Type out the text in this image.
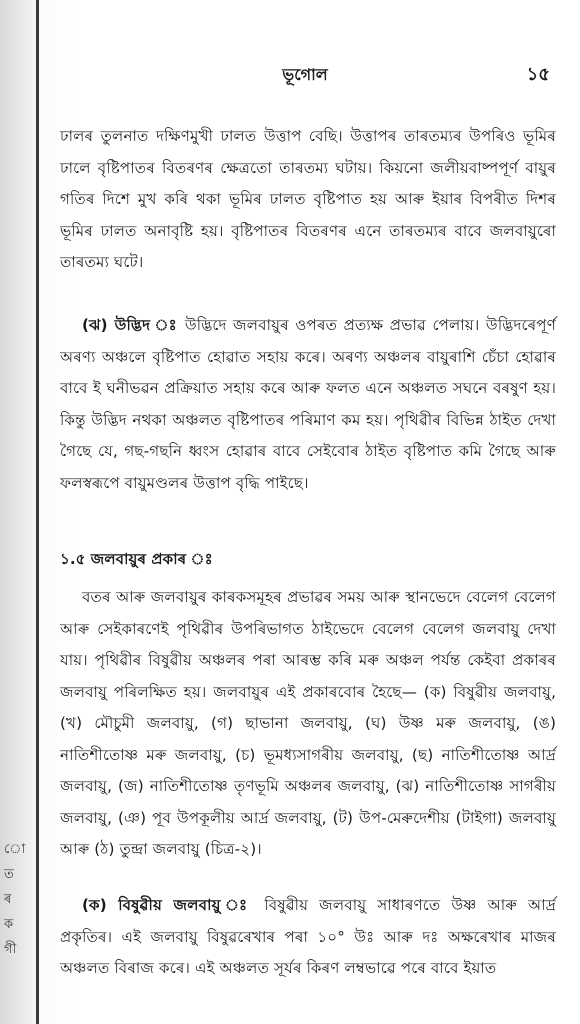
ো
ত
ৰ
ক
গী
ভূগোল	১৫
ঢালৰ তুলনাত দক্ষিণমুখী ঢালত উত্তাপ বেছি। উত্তাপৰ তাৰতম্যৰ উপৰিও ভূমিৰ ঢালে বৃষ্টিপাতৰ বিতৰণৰ ক্ষেত্ৰতো তাৰতম্য ঘটায়। কিয়নো জলীয়বাষ্পপূৰ্ণ বায়ুৰ গতিৰ দিশে মুখ কৰি থকা ভূমিৰ ঢালত বৃষ্টিপাত হয় আৰু ইয়াৰ বিপৰীত দিশৰ ভূমিৰ ঢালত অনাবৃষ্টি হয়। বৃষ্টিপাতৰ বিতৰণৰ এনে তাৰতম্যৰ বাবে জলবায়ুৰো তাৰতম্য ঘটে।
(ঝ) উদ্ভিদ ঃ উদ্ভিদে জলবায়ুৰ ওপৰত প্ৰত্যক্ষ প্ৰভাৱ পেলায়। উদ্ভিদৰেপূৰ্ণ অৰণ্য অঞ্চলে বৃষ্টিপাত হোৱাত সহায় কৰে। অৰণ্য অঞ্চলৰ বায়ুৰাশি চেঁচা হোৱাৰ বাবে ই ঘনীভৱন প্ৰক্ৰিয়াত সহায় কৰে আৰু ফলত এনে অঞ্চলত সঘনে বৰষুণ হয়। কিন্তু উদ্ভিদ নথকা অঞ্চলত বৃষ্টিপাতৰ পৰিমাণ কম হয়। পৃথিৱীৰ বিভিন্ন ঠাইত দেখা গৈছে যে, গছ-গছনি ধ্বংস হোৱাৰ বাবে সেইবোৰ ঠাইত বৃষ্টিপাত কমি গৈছে আৰু ফলস্বৰূপে বায়ুমণ্ডলৰ উত্তাপ বৃদ্ধি পাইছে।
১.৫ জলবায়ুৰ প্ৰকাৰ ঃ
বতৰ আৰু জলবায়ুৰ কাৰকসমূহৰ প্ৰভাৱৰ সময় আৰু স্থানভেদে বেলেগ বেলেগ আৰু সেইকাৰণেই পৃথিৱীৰ উপৰিভাগত ঠাইভেদে বেলেগ বেলেগ জলবায়ু দেখা যায়। পৃথিৱীৰ বিষুৱীয় অঞ্চলৰ পৰা আৰম্ভ কৰি মৰু অঞ্চল পৰ্যন্ত কেইবা প্ৰকাৰৰ জলবায়ু পৰিলক্ষিত হয়। জলবায়ুৰ এই প্ৰকাৰবোৰ হৈছে— (ক) বিষুৱীয় জলবায়ু, (খ) মৌচুমী জলবায়ু, (গ) ছাভানা জলবায়ু, (ঘ) উষ্ণ মৰু জলবায়ু, (ঙ) নাতিশীতোষ্ণ মৰু জলবায়ু, (চ) ভূমধ্যসাগৰীয় জলবায়ু, (ছ) নাতিশীতোষ্ণ আৰ্দ্ৰ জলবায়ু, (জ) নাতিশীতোষ্ণ তৃণভূমি অঞ্চলৰ জলবায়ু, (ঝ) নাতিশীতোষ্ণ সাগৰীয় জলবায়ু, (ঞ) পূব উপকূলীয় আৰ্দ্ৰ জলবায়ু, (ট) উপ-মেৰুদেশীয় (টাইগা) জলবায়ু আৰু (ঠ) তুন্দ্ৰা জলবায়ু (চিত্ৰ-২)।
(ক) বিষুৱীয় জলবায়ু ঃ বিষুৱীয় জলবায়ু সাধাৰণতে উষ্ণ আৰু আৰ্দ্ৰ প্ৰকৃতিৰ। এই জলবায়ু বিষুৱৰেখাৰ পৰা ১০° উঃ আৰু দঃ অক্ষৰেখাৰ মাজৰ অঞ্চলত বিৰাজ কৰে। এই অঞ্চলত সূৰ্যৰ কিৰণ লম্বভাৱে পৰে বাবে ইয়াত
